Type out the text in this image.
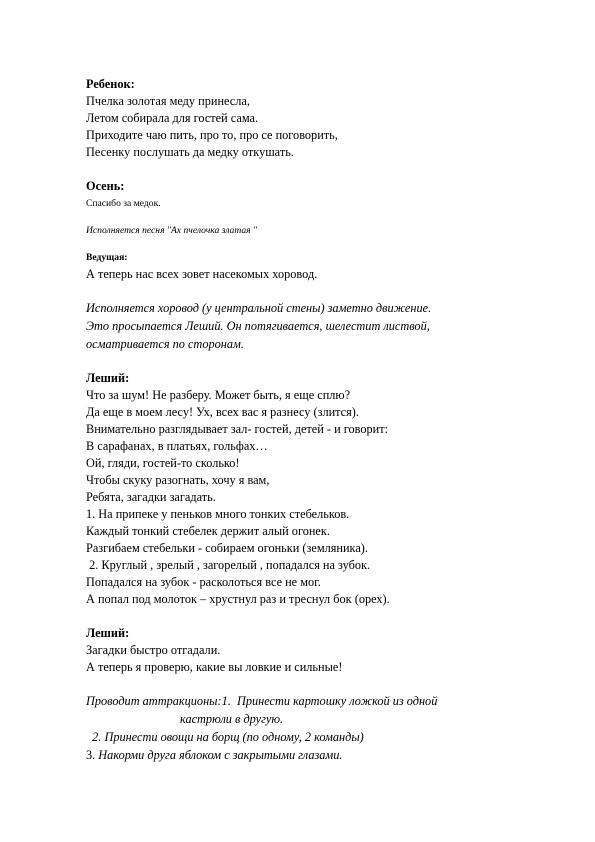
Ребенок:
Пчелка золотая меду принесла,
Летом собирала для гостей сама.
Приходите чаю пить, про то, про се поговорить,
Песенку послушать да медку откушать.
Осень:
Спасибо за медок.
Исполняется песня "Ах пчелочка златая "
Ведущая:
А теперь нас всех зовет насекомых хоровод.
Исполняется хоровод (у центральной стены) заметно движение.
Это просыпается Леший. Он потягивается, шелестит листвой,
осматривается по сторонам.
Леший:
Что за шум! Не разберу. Может быть, я еще сплю?
Да еще в моем лесу! Ух, всех вас я разнесу (злится).
Внимательно разглядывает зал- гостей, детей - и говорит:
В сарафанах, в платьях, гольфах…
Ой, гляди, гостей-то сколько!
Чтобы скуку разогнать, хочу я вам,
Ребята, загадки загадать.
1. На припеке у пеньков много тонких стебельков.
Каждый тонкий стебелек держит алый огонек.
Разгибаем стебельки - собираем огоньки (земляника).
2. Круглый , зрелый , загорелый , попадался на зубок.
Попадался на зубок - расколоться все не мог.
А попал под молоток – хрустнул раз и треснул бок (орех).
Леший:
Загадки быстро отгадали.
А теперь я проверю, какие вы ловкие и сильные!
Проводит аттракционы:1.  Принести картошку ложкой из одной
кастрюли в другую.
2. Принести овощи на борщ (по одному, 2 команды)
3. Накорми друга яблоком с закрытыми глазами.
